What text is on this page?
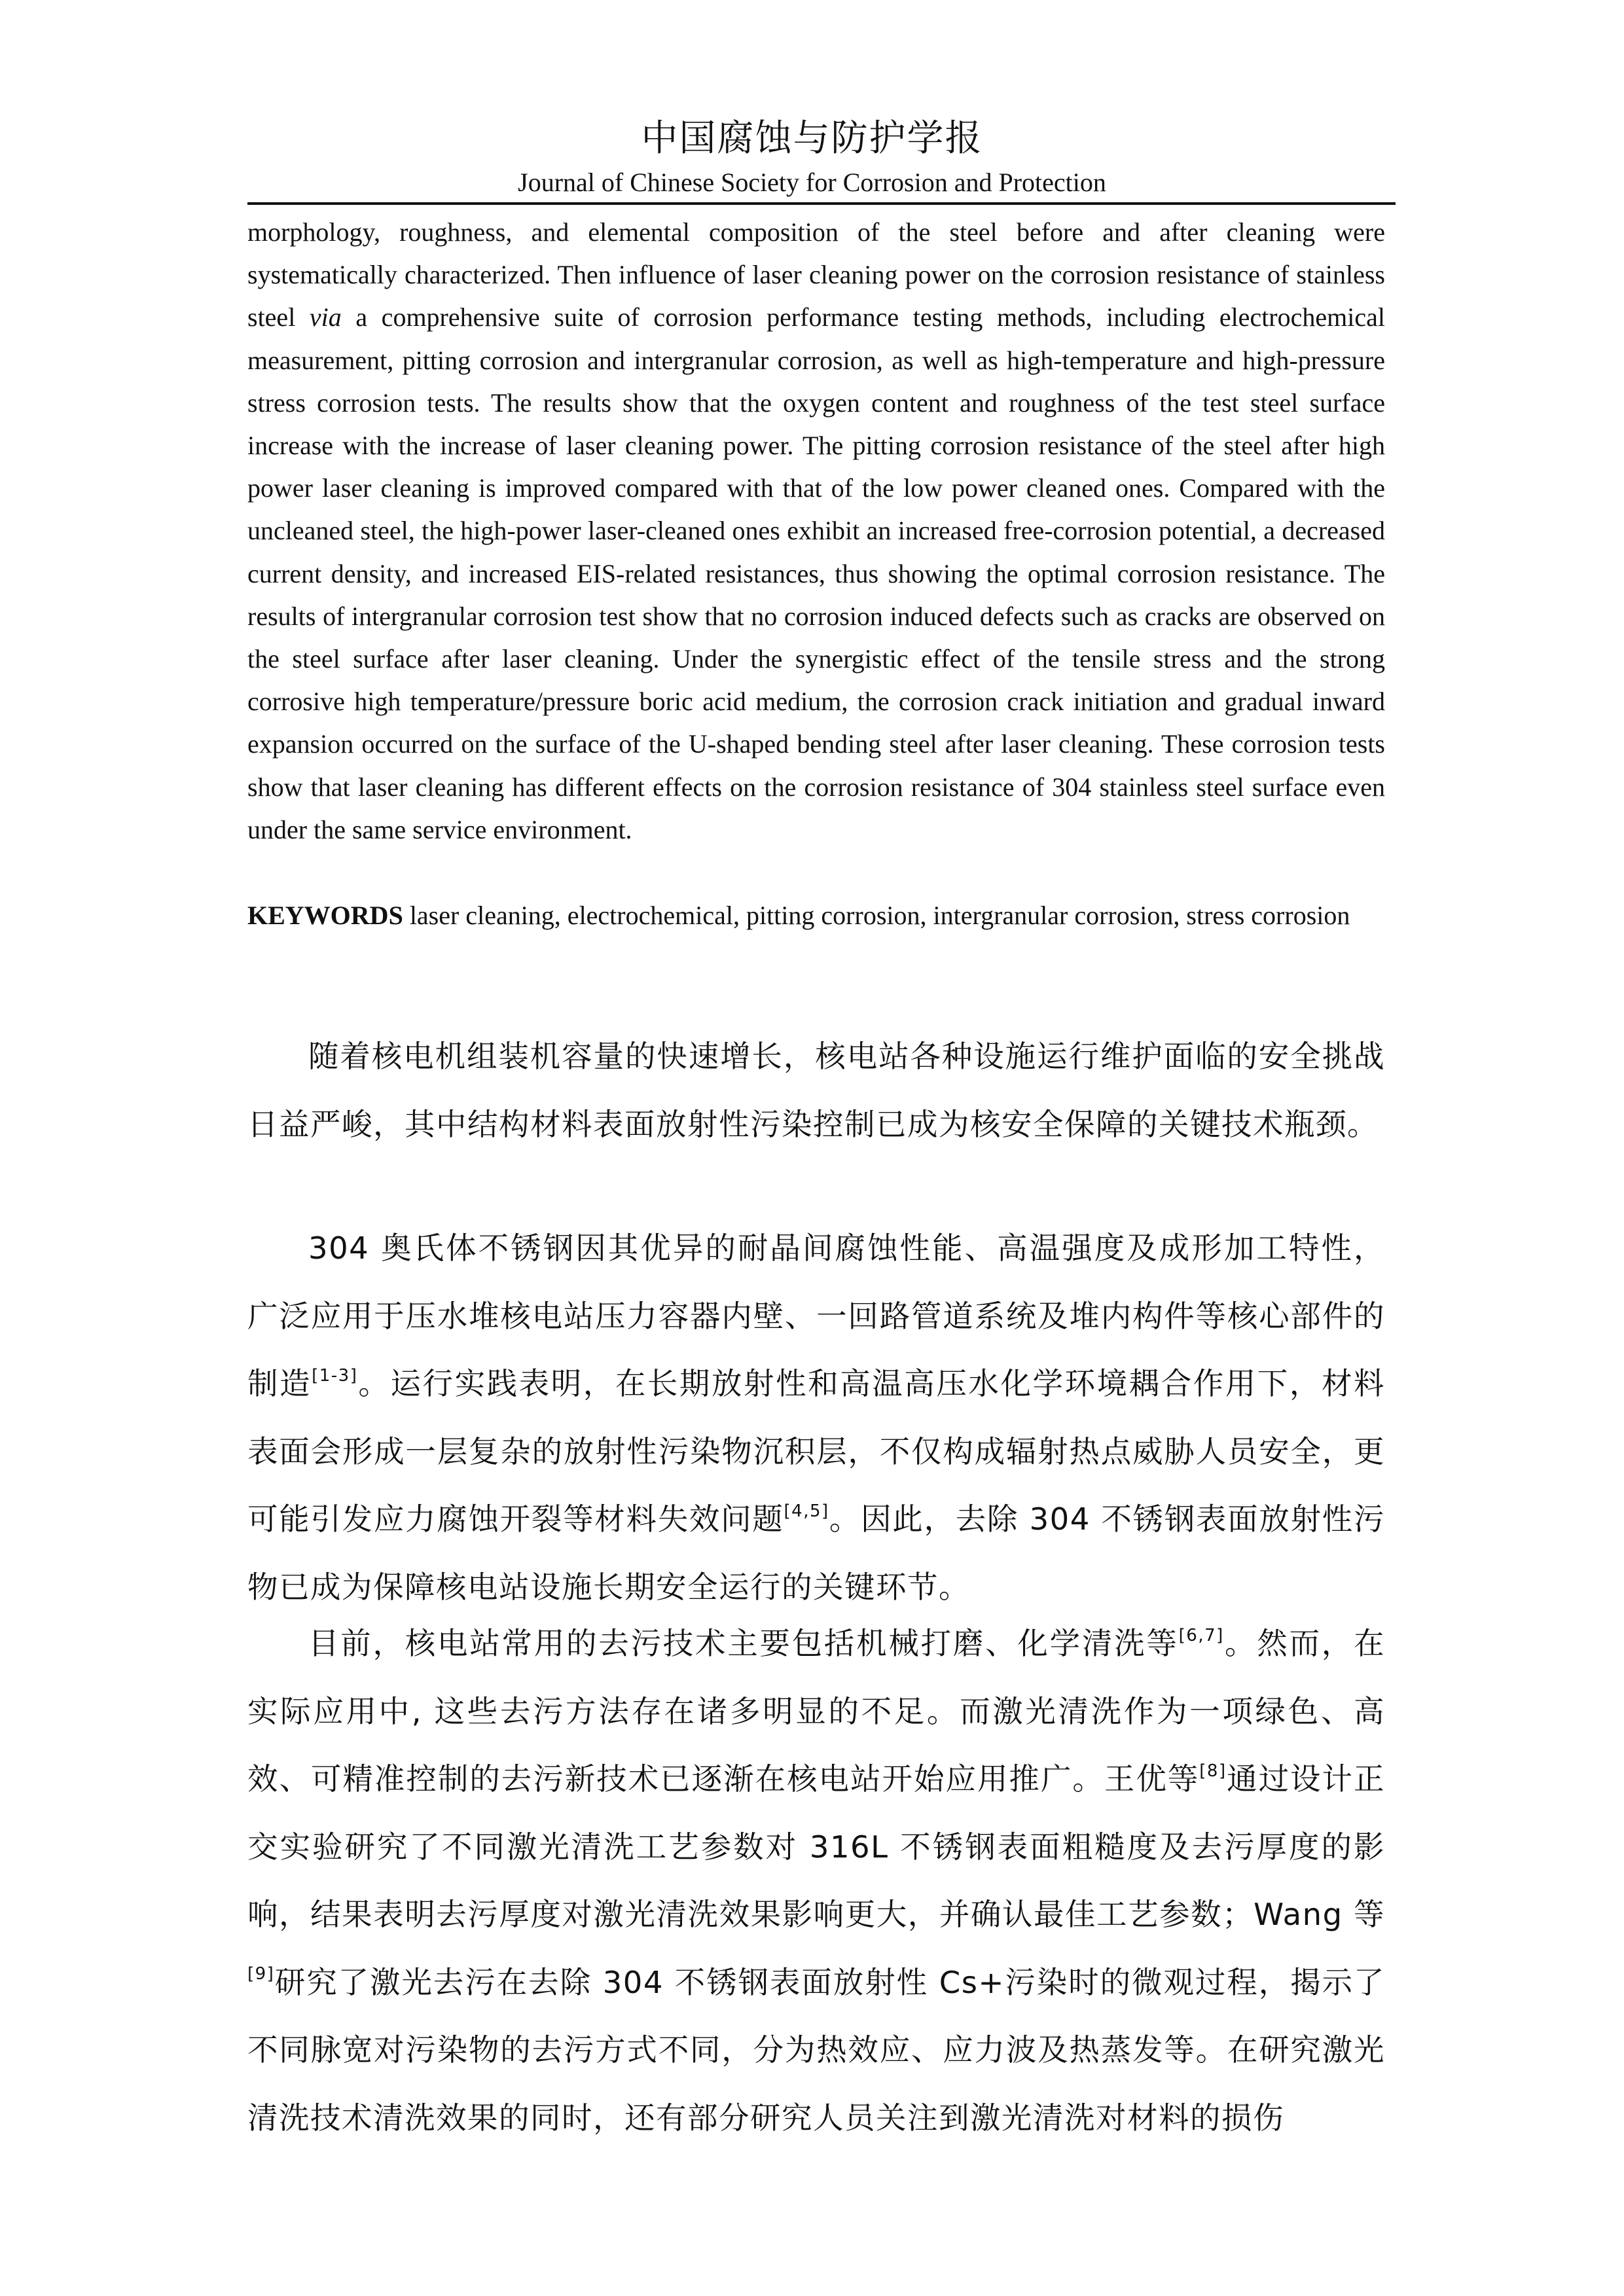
中国腐蚀与防护学报
Journal of Chinese Society for Corrosion and Protection

morphology, roughness, and elemental composition of the steel before and after cleaning were systematically characterized. Then influence of laser cleaning power on the corrosion resistance of stainless steel via a comprehensive suite of corrosion performance testing methods, including electrochemical measurement, pitting corrosion and intergranular corrosion, as well as high-temperature and high-pressure stress corrosion tests. The results show that the oxygen content and roughness of the test steel surface increase with the increase of laser cleaning power. The pitting corrosion resistance of the steel after high power laser cleaning is improved compared with that of the low power cleaned ones. Compared with the uncleaned steel, the high-power laser-cleaned ones exhibit an increased free-corrosion potential, a decreased current density, and increased EIS-related resistances, thus showing the optimal corrosion resistance. The results of intergranular corrosion test show that no corrosion induced defects such as cracks are observed on the steel surface after laser cleaning. Under the synergistic effect of the tensile stress and the strong corrosive high temperature/pressure boric acid medium, the corrosion crack initiation and gradual inward expansion occurred on the surface of the U-shaped bending steel after laser cleaning. These corrosion tests show that laser cleaning has different effects on the corrosion resistance of 304 stainless steel surface even under the same service environment.

KEYWORDS laser cleaning, electrochemical, pitting corrosion, intergranular corrosion, stress corrosion

随着核电机组装机容量的快速增长，核电站各种设施运行维护面临的安全挑战日益严峻，其中结构材料表面放射性污染控制已成为核安全保障的关键技术瓶颈。

304 奥氏体不锈钢因其优异的耐晶间腐蚀性能、高温强度及成形加工特性，广泛应用于压水堆核电站压力容器内壁、一回路管道系统及堆内构件等核心部件的制造[1-3]。运行实践表明，在长期放射性和高温高压水化学环境耦合作用下，材料表面会形成一层复杂的放射性污染物沉积层，不仅构成辐射热点威胁人员安全，更可能引发应力腐蚀开裂等材料失效问题[4,5]。因此，去除 304 不锈钢表面放射性污物已成为保障核电站设施长期安全运行的关键环节。

目前，核电站常用的去污技术主要包括机械打磨、化学清洗等[6,7]。然而，在实际应用中, 这些去污方法存在诸多明显的不足。而激光清洗作为一项绿色、高效、可精准控制的去污新技术已逐渐在核电站开始应用推广。王优等[8]通过设计正交实验研究了不同激光清洗工艺参数对 316L 不锈钢表面粗糙度及去污厚度的影响，结果表明去污厚度对激光清洗效果影响更大，并确认最佳工艺参数；Wang 等[9]研究了激光去污在去除 304 不锈钢表面放射性 Cs+污染时的微观过程，揭示了不同脉宽对污染物的去污方式不同，分为热效应、应力波及热蒸发等。在研究激光清洗技术清洗效果的同时，还有部分研究人员关注到激光清洗对材料的损伤
